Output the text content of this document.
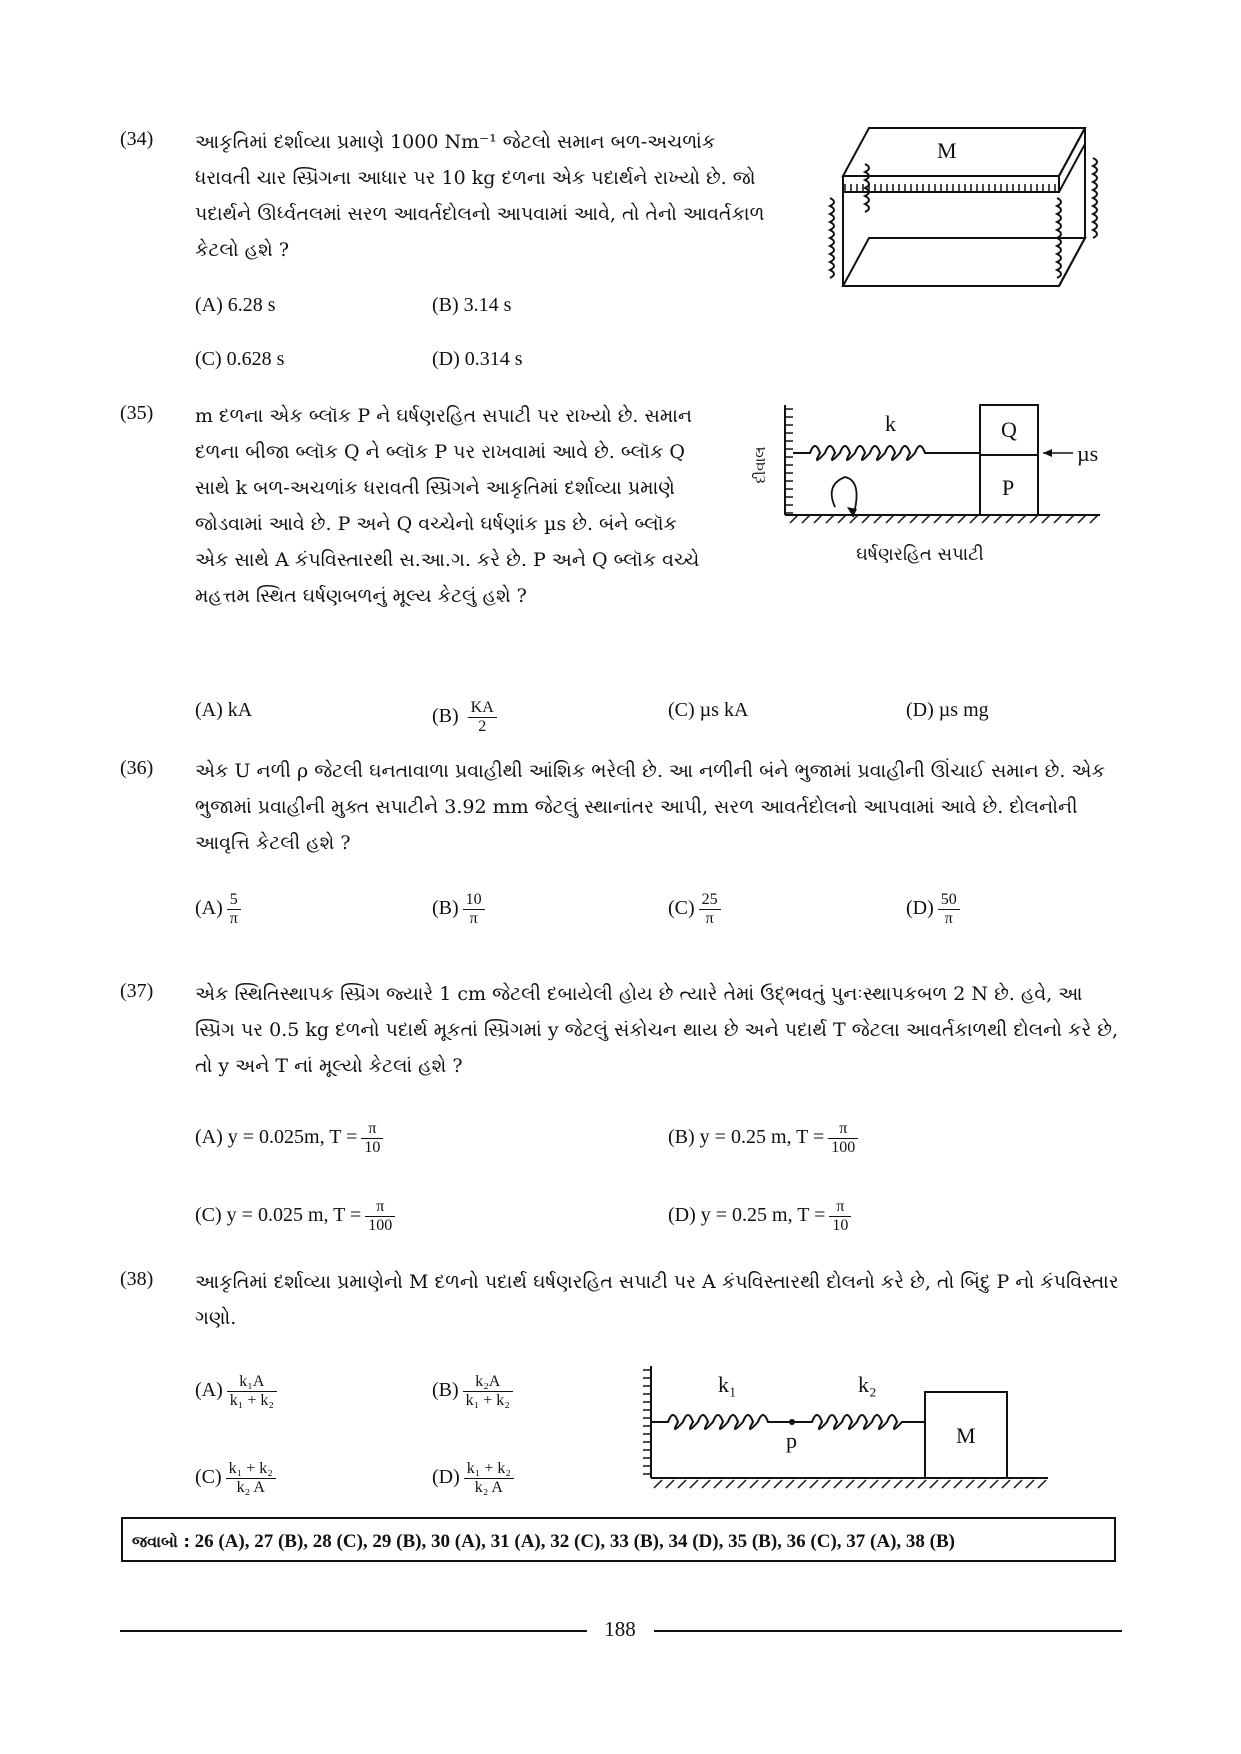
(34) આકૃતિમાં દર્શાવ્યા પ્રમાણે 1000 Nm⁻¹ જેટલો સમાન બળ-અચળાંક ધરાવતી ચાર સ્પ્રિંગના આધાર પર 10 kg દળના એક પદાર્થને રાખ્યો છે. જો પદાર્થને ઊર્ધ્વતલમાં સરળ આવર્તદોલનો આપવામાં આવે, તો તેનો આવર્તકાળ કેટલો હશે ?
(A) 6.28 s	(B) 3.14 s
(C) 0.628 s	(D) 0.314 s
M
(35) m દળના એક બ્લૉક P ને ઘર્ષણરહિત સપાટી પર રાખ્યો છે. સમાન દળના બીજા બ્લૉક Q ને બ્લૉક P પર રાખવામાં આવે છે. બ્લૉક Q સાથે k બળ-અચળાંક ધરાવતી સ્પ્રિંગને આકૃતિમાં દર્શાવ્યા પ્રમાણે જોડવામાં આવે છે. P અને Q વચ્ચેનો ઘર્ષણાંક µs છે. બંને બ્લૉક એક સાથે A કંપવિસ્તારથી સ.આ.ગ. કરે છે. P અને Q બ્લૉક વચ્ચે મહત્તમ સ્થિત ઘર્ષણબળનું મૂલ્ય કેટલું હશે ?
(A) kA	$(B) \frac{KA}{2}$	(C) µs kA	(D) µs mg
દીવાલ
k	Q
P
µs
ઘર્ષણરહિત સપાટી
(36) એક U નળી ρ જેટલી ઘનતાવાળા પ્રવાહીથી આંશિક ભરેલી છે. આ નળીની બંને ભુજામાં પ્રવાહીની ઊંચાઈ સમાન છે. એક ભુજામાં પ્રવાહીની મુક્ત સપાટીને 3.92 mm જેટલું સ્થાનાંતર આપી, સરળ આવર્તદોલનો આપવામાં આવે છે. દોલનોની આવૃત્તિ કેટલી હશે ?
$(A) \frac{5}{\pi}$	$(B) \frac{10}{\pi}$	$(C) \frac{25}{\pi}$	$(D) \frac{50}{\pi}$
(37) એક સ્થિતિસ્થાપક સ્પ્રિંગ જ્યારે 1 cm જેટલી દબાયેલી હોય છે ત્યારે તેમાં ઉદ્ભવતું પુનઃસ્થાપકબળ 2 N છે. હવે, આ સ્પ્રિંગ પર 0.5 kg દળનો પદાર્થ મૂકતાં સ્પ્રિંગમાં y જેટલું સંકોચન થાય છે અને પદાર્થ T જેટલા આવર્તકાળથી દોલનો કરે છે, તો y અને T નાં મૂલ્યો કેટલાં હશે ?
(A) y = 0.025m, $T = \frac{\pi}{10}$	(B) y = 0.25 m, $T = \frac{\pi}{100}$
(C) y = 0.025 m, $T = \frac{\pi}{100}$	(D) y = 0.25 m, $T = \frac{\pi}{10}$
(38) આકૃતિમાં દર્શાવ્યા પ્રમાણેનો M દળનો પદાર્થ ઘર્ષણરહિત સપાટી પર A કંપવિસ્તારથી દોલનો કરે છે, તો બિંદુ P નો કંપવિસ્તાર ગણો.
$(A) \frac{\text{k₁A}}{\text{k₁ + k₂}}$	$(B) \frac{\text{k₂A}}{\text{k₁ + k₂}}$
$(C) \frac{\text{k₁ + k₂}}{\text{k₂ A}}$	$(D) \frac{\text{k₁ + k₂}}{\text{k₂ A}}$
k₁	k₂
p	M
જવાબો : 26 (A), 27 (B), 28 (C), 29 (B), 30 (A), 31 (A), 32 (C), 33 (B), 34 (D), 35 (B), 36 (C), 37 (A), 38 (B)
188
